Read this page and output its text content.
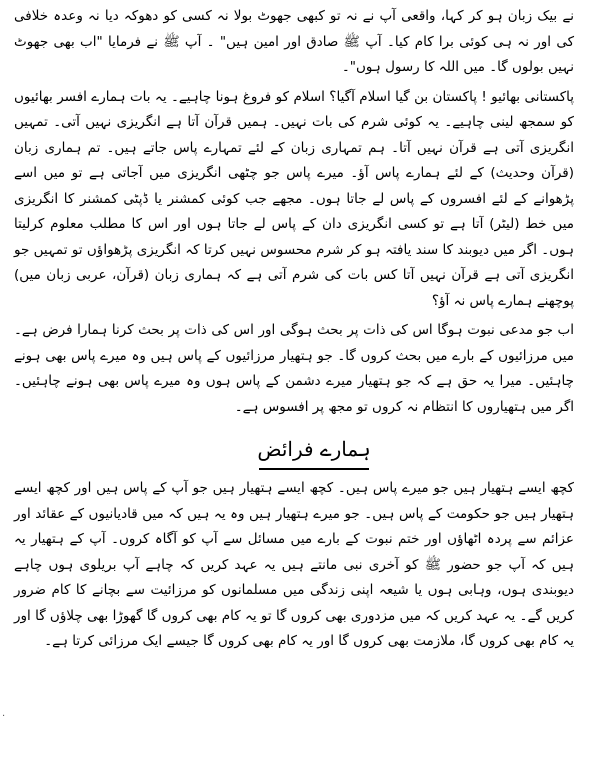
نے بیک زبان ہو کر کہا، واقعی آپ نے نہ تو کبھی جھوٹ بولا نہ کسی کو دھوکہ دیا نہ وعدہ خلافی کی اور نہ ہی کوئی برا کام کیا۔ آپ ﷺ صادق اور امین ہیں" ۔ آپ ﷺ نے فرمایا "اب بھی جھوٹ نہیں بولوں گا۔ میں اللہ کا رسول ہوں"۔

پاکستانی بھائیو ! پاکستان بن گیا اسلام آگیا؟ اسلام کو فروغ ہونا چاہیے۔ یہ بات ہمارے افسر بھائیوں کو سمجھ لینی چاہیے۔ یہ کوئی شرم کی بات نہیں۔ ہمیں قرآن آتا ہے انگریزی نہیں آتی۔ تمہیں انگریزی آتی ہے قرآن نہیں آتا۔ ہم تمہاری زبان کے لئے تمہارے پاس جاتے ہیں۔ تم ہماری زبان (قرآن وحدیث) کے لئے ہمارے پاس آؤ۔ میرے پاس جو چٹھی انگریزی میں آجاتی ہے تو میں اسے پڑھوانے کے لئے افسروں کے پاس لے جاتا ہوں۔ مجھے جب کوئی کمشنر یا ڈپٹی کمشنر کا انگریزی میں خط (لیٹر) آتا ہے تو کسی انگریزی دان کے پاس لے جاتا ہوں اور اس کا مطلب معلوم کرلیتا ہوں۔ اگر میں دیوبند کا سند یافتہ ہو کر شرم محسوس نہیں کرتا کہ انگریزی پڑھواؤں تو تمہیں جو انگریزی آتی ہے قرآن نہیں آتا کس بات کی شرم آتی ہے کہ ہماری زبان (قرآن، عربی زبان میں) پوچھنے ہمارے پاس نہ آؤ؟

اب جو مدعی نبوت ہوگا اس کی ذات پر بحث ہوگی اور اس کی ذات پر بحث کرنا ہمارا فرض ہے۔ میں مرزائیوں کے بارے میں بحث کروں گا۔ جو ہتھیار مرزائیوں کے پاس ہیں وہ میرے پاس بھی ہونے چاہئیں۔ میرا یہ حق ہے کہ جو ہتھیار میرے دشمن کے پاس ہوں وہ میرے پاس بھی ہونے چاہئیں۔ اگر میں ہتھیاروں کا انتظام نہ کروں تو مجھ پر افسوس ہے۔

ہمارے فرائض

کچھ ایسے ہتھیار ہیں جو میرے پاس ہیں۔ کچھ ایسے ہتھیار ہیں جو آپ کے پاس ہیں اور کچھ ایسے ہتھیار ہیں جو حکومت کے پاس ہیں۔ جو میرے ہتھیار ہیں وہ یہ ہیں کہ میں قادیانیوں کے عقائد اور عزائم سے پردہ اٹھاؤں اور ختم نبوت کے بارے میں مسائل سے آپ کو آگاہ کروں۔ آپ کے ہتھیار یہ ہیں کہ آپ جو حضور ﷺ کو آخری نبی مانتے ہیں یہ عہد کریں کہ چاہے آپ بریلوی ہوں چاہے دیوبندی ہوں، وہابی ہوں یا شیعہ اپنی زندگی میں مسلمانوں کو مرزائیت سے بچانے کا کام ضرور کریں گے۔ یہ عہد کریں کہ میں مزدوری بھی کروں گا تو یہ کام بھی کروں گا گھوڑا بھی چلاؤں گا اور یہ کام بھی کروں گا، ملازمت بھی کروں گا اور یہ کام بھی کروں گا جیسے ایک مرزائی کرتا ہے۔

·
